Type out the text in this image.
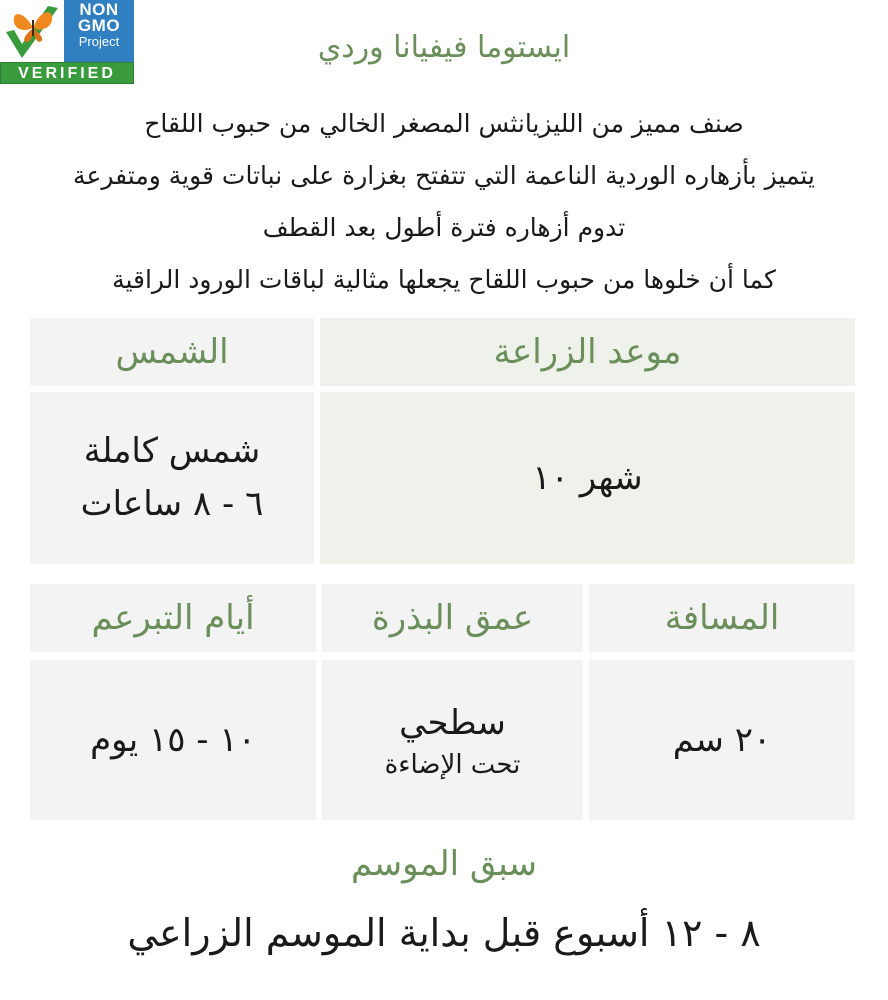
NON
GMO
Project
VERIFIED
ايستوما فيفيانا وردي
صنف مميز من الليزيانثس المصغر الخالي من حبوب اللقاح
يتميز بأزهاره الوردية الناعمة التي تتفتح بغزارة على نباتات قوية ومتفرعة
تدوم أزهاره فترة أطول بعد القطف
كما أن خلوها من حبوب اللقاح يجعلها مثالية لباقات الورود الراقية
موعد الزراعة
الشمس
شهر ١٠
شمس كاملة
٦ - ٨ ساعات
المسافة
عمق البذرة
أيام التبرعم
٢٠ سم
سطحي
تحت الإضاءة
١٠ - ١٥ يوم
سبق الموسم
٨ - ١٢ أسبوع قبل بداية الموسم الزراعي
